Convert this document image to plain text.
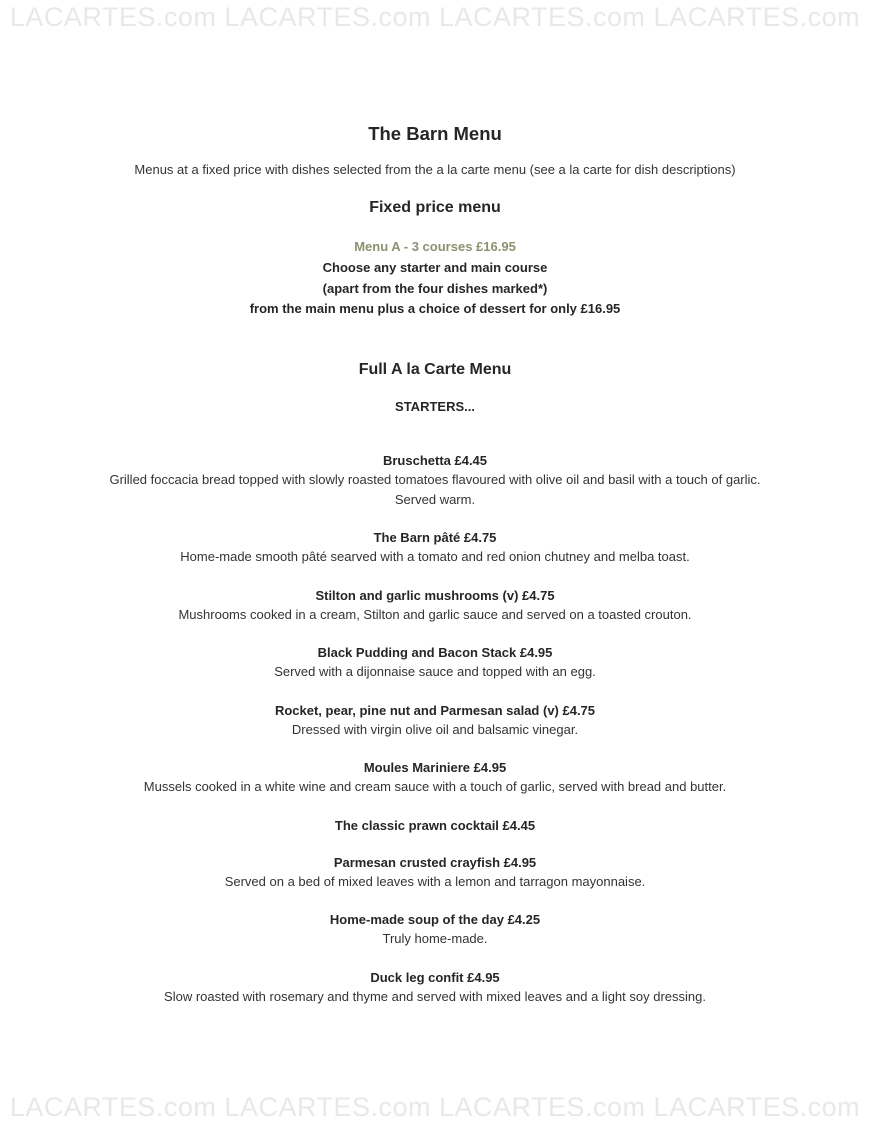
LACARTES.com LACARTES.com LACARTES.com LACARTES.com
LACARTES.com LACARTES.com LACARTES.com LACARTES.com
The Barn Menu
Menus at a fixed price with dishes selected from the a la carte menu (see a la carte for dish descriptions)
Fixed price menu
Menu A - 3 courses £16.95
Choose any starter and main course
(apart from the four dishes marked*)
from the main menu plus a choice of dessert for only £16.95
Full A la Carte Menu
STARTERS...
Bruschetta £4.45
Grilled foccacia bread topped with slowly roasted tomatoes flavoured with olive oil and basil with a touch of garlic. Served warm.
The Barn pâté £4.75
Home-made smooth pâté searved with a tomato and red onion chutney and melba toast.
Stilton and garlic mushrooms (v) £4.75
Mushrooms cooked in a cream, Stilton and garlic sauce and served on a toasted crouton.
Black Pudding and Bacon Stack £4.95
Served with a dijonnaise sauce and topped with an egg.
Rocket, pear, pine nut and Parmesan salad (v) £4.75
Dressed with virgin olive oil and balsamic vinegar.
Moules Mariniere £4.95
Mussels cooked in a white wine and cream sauce with a touch of garlic, served with bread and butter.
The classic prawn cocktail £4.45
Parmesan crusted crayfish £4.95
Served on a bed of mixed leaves with a lemon and tarragon mayonnaise.
Home-made soup of the day £4.25
Truly home-made.
Duck leg confit £4.95
Slow roasted with rosemary and thyme and served with mixed leaves and a light soy dressing.
